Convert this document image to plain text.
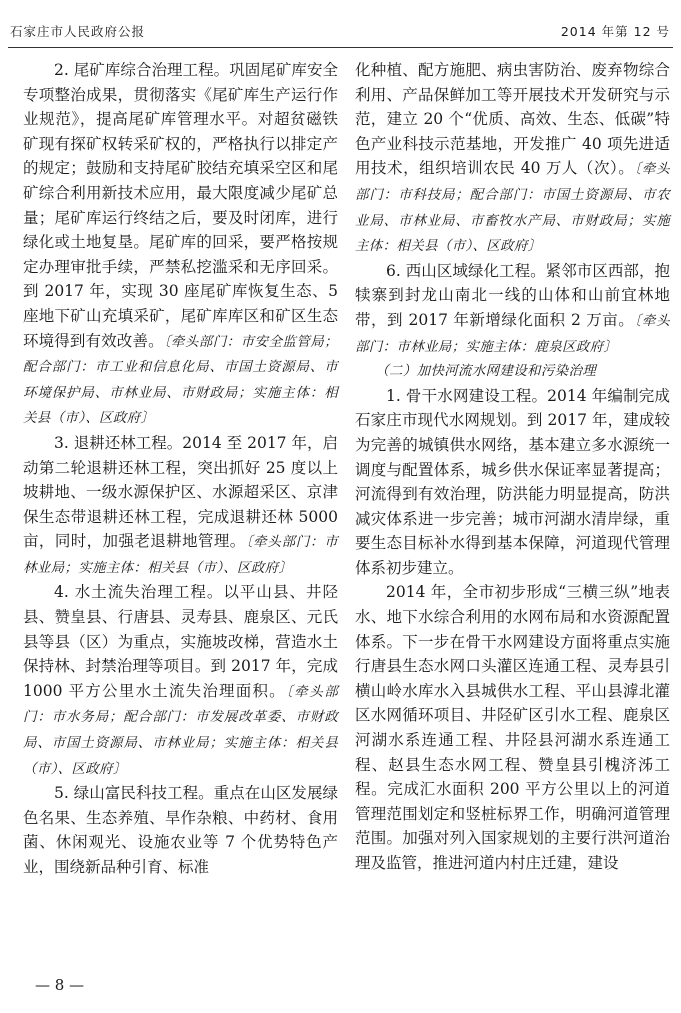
石家庄市人民政府公报	2014 年第 12 号

2. 尾矿库综合治理工程。巩固尾矿库安全专项整治成果，贯彻落实《尾矿库生产运行作业规范》，提高尾矿库管理水平。对超贫磁铁矿现有探矿权转采矿权的，严格执行以排定产的规定；鼓励和支持尾矿胶结充填采空区和尾矿综合利用新技术应用，最大限度减少尾矿总量；尾矿库运行终结之后，要及时闭库，进行绿化或土地复垦。尾矿库的回采，要严格按规定办理审批手续，严禁私挖滥采和无序回采。到 2017 年，实现 30 座尾矿库恢复生态、5 座地下矿山充填采矿，尾矿库库区和矿区生态环境得到有效改善。〔牵头部门：市安全监管局；配合部门：市工业和信息化局、市国土资源局、市环境保护局、市林业局、市财政局；实施主体：相关县（市）、区政府〕

3. 退耕还林工程。2014 至 2017 年，启动第二轮退耕还林工程，突出抓好 25 度以上坡耕地、一级水源保护区、水源超采区、京津保生态带退耕还林工程，完成退耕还林 5000 亩，同时，加强老退耕地管理。〔牵头部门：市林业局；实施主体：相关县（市）、区政府〕

4. 水土流失治理工程。以平山县、井陉县、赞皇县、行唐县、灵寿县、鹿泉区、元氏县等县（区）为重点，实施坡改梯，营造水土保持林、封禁治理等项目。到 2017 年，完成 1000 平方公里水土流失治理面积。〔牵头部门：市水务局；配合部门：市发展改革委、市财政局、市国土资源局、市林业局；实施主体：相关县（市）、区政府〕

5. 绿山富民科技工程。重点在山区发展绿色名果、生态养殖、旱作杂粮、中药材、食用菌、休闲观光、设施农业等 7 个优势特色产业，围绕新品种引育、标准

化种植、配方施肥、病虫害防治、废弃物综合利用、产品保鲜加工等开展技术开发研究与示范，建立 20 个“优质、高效、生态、低碳”特色产业科技示范基地，开发推广 40 项先进适用技术，组织培训农民 40 万人（次）。〔牵头部门：市科技局；配合部门：市国土资源局、市农业局、市林业局、市畜牧水产局、市财政局；实施主体：相关县（市）、区政府〕

6. 西山区域绿化工程。紧邻市区西部，抱犊寨到封龙山南北一线的山体和山前宜林地带，到 2017 年新增绿化面积 2 万亩。〔牵头部门：市林业局；实施主体：鹿泉区政府〕

（二）加快河流水网建设和污染治理

1. 骨干水网建设工程。2014 年编制完成石家庄市现代水网规划。到 2017 年，建成较为完善的城镇供水网络，基本建立多水源统一调度与配置体系，城乡供水保证率显著提高；河流得到有效治理，防洪能力明显提高，防洪减灾体系进一步完善；城市河湖水清岸绿，重要生态目标补水得到基本保障，河道现代管理体系初步建立。

2014 年，全市初步形成“三横三纵”地表水、地下水综合利用的水网布局和水资源配置体系。下一步在骨干水网建设方面将重点实施行唐县生态水网口头灌区连通工程、灵寿县引横山岭水库水入县城供水工程、平山县滹北灌区水网循环项目、井陉矿区引水工程、鹿泉区河湖水系连通工程、井陉县河湖水系连通工程、赵县生态水网工程、赞皇县引槐济泲工程。完成汇水面积 200 平方公里以上的河道管理范围划定和竖桩标界工作，明确河道管理范围。加强对列入国家规划的主要行洪河道治理及监管，推进河道内村庄迁建，建设

— 8 —
